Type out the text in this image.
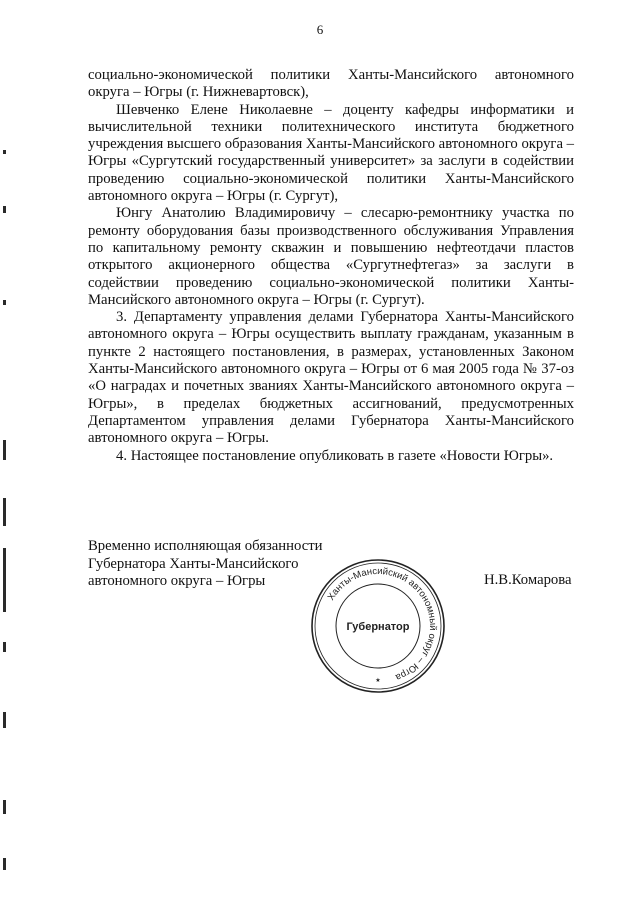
6

социально-экономической политики Ханты-Мансийского автономного округа – Югры (г. Нижневартовск),

Шевченко Елене Николаевне – доценту кафедры информатики и вычислительной техники политехнического института бюджетного учреждения высшего образования Ханты-Мансийского автономного округа – Югры «Сургутский государственный университет» за заслуги в содействии проведению социально-экономической политики Ханты-Мансийского автономного округа – Югры (г. Сургут),

Юнгу Анатолию Владимировичу – слесарю-ремонтнику участка по ремонту оборудования базы производственного обслуживания Управления по капитальному ремонту скважин и повышению нефтеотдачи пластов открытого акционерного общества «Сургутнефтегаз» за заслуги в содействии проведению социально-экономической политики Ханты-Мансийского автономного округа – Югры (г. Сургут).

3. Департаменту управления делами Губернатора Ханты-Мансийского автономного округа – Югры осуществить выплату гражданам, указанным в пункте 2 настоящего постановления, в размерах, установленных Законом Ханты-Мансийского автономного округа – Югры от 6 мая 2005 года № 37-оз «О наградах и почетных званиях Ханты-Мансийского автономного округа – Югры», в пределах бюджетных ассигнований, предусмотренных Департаментом управления делами Губернатора Ханты-Мансийского автономного округа – Югры.

4. Настоящее постановление опубликовать в газете «Новости Югры».

Временно исполняющая обязанности
Губернатора Ханты-Мансийского
автономного округа – Югры	Н.В.Комарова
Ханты-Мансийский автономный округ – Югра
Губернатор
★
